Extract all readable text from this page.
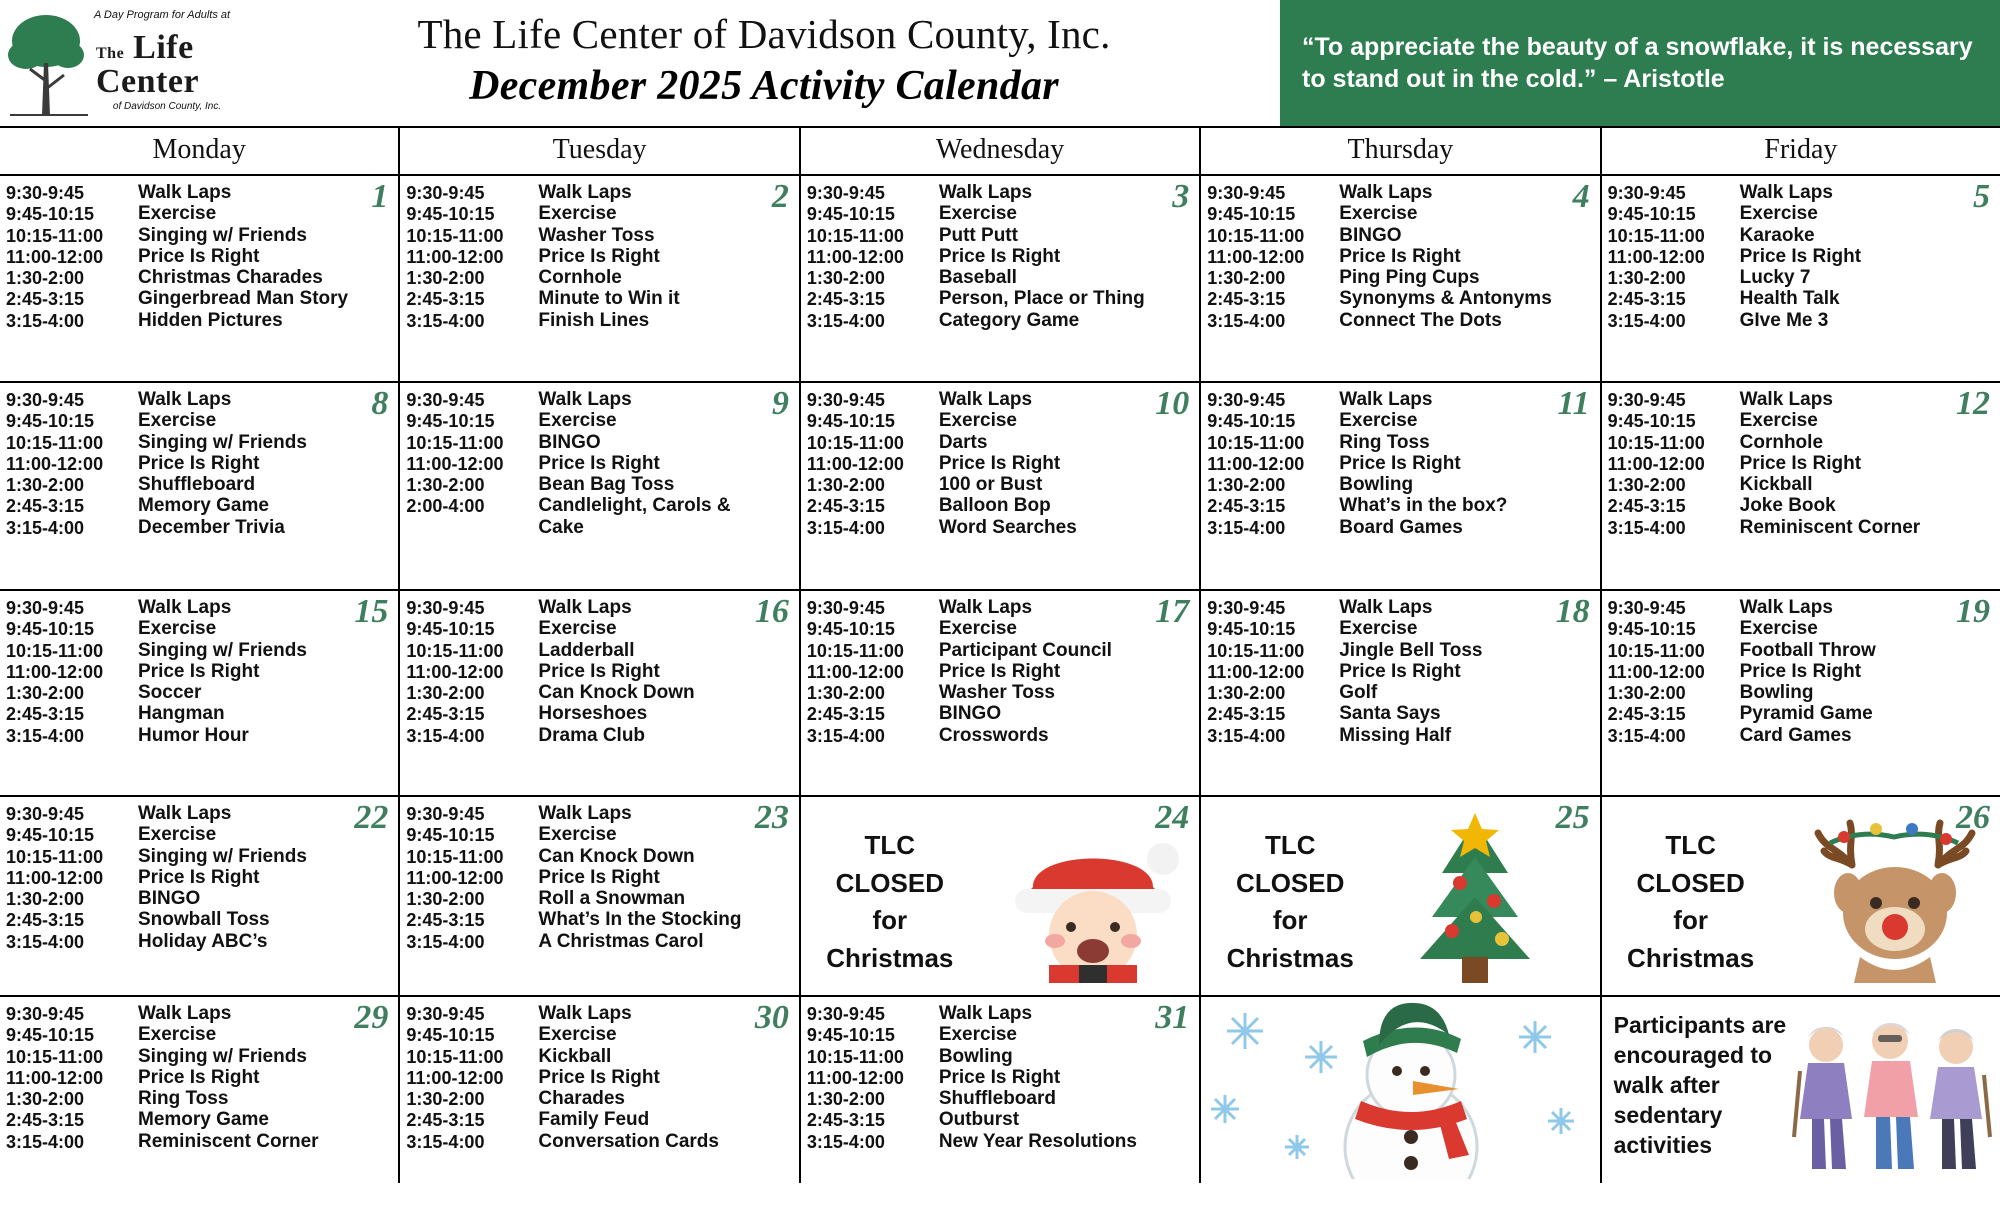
A Day Program for Adults at
The Life
Center
of Davidson County, Inc.
The Life Center of Davidson County, Inc.
December 2025 Activity Calendar
“To appreciate the beauty of a snowflake, it is necessary to stand out in the cold.” – Aristotle
Monday	Tuesday	Wednesday	Thursday	Friday
1
9:30-9:45	Walk Laps
9:45-10:15	Exercise
10:15-11:00	Singing w/ Friends
11:00-12:00	Price Is Right
1:30-2:00	Christmas Charades
2:45-3:15	Gingerbread Man Story
3:15-4:00	Hidden Pictures
2
9:30-9:45	Walk Laps
9:45-10:15	Exercise
10:15-11:00	Washer Toss
11:00-12:00	Price Is Right
1:30-2:00	Cornhole
2:45-3:15	Minute to Win it
3:15-4:00	Finish Lines
3
9:30-9:45	Walk Laps
9:45-10:15	Exercise
10:15-11:00	Putt Putt
11:00-12:00	Price Is Right
1:30-2:00	Baseball
2:45-3:15	Person, Place or Thing
3:15-4:00	Category Game
4
9:30-9:45	Walk Laps
9:45-10:15	Exercise
10:15-11:00	BINGO
11:00-12:00	Price Is Right
1:30-2:00	Ping Ping Cups
2:45-3:15	Synonyms & Antonyms
3:15-4:00	Connect The Dots
5
9:30-9:45	Walk Laps
9:45-10:15	Exercise
10:15-11:00	Karaoke
11:00-12:00	Price Is Right
1:30-2:00	Lucky 7
2:45-3:15	Health Talk
3:15-4:00	GIve Me 3
8
9:30-9:45	Walk Laps
9:45-10:15	Exercise
10:15-11:00	Singing w/ Friends
11:00-12:00	Price Is Right
1:30-2:00	Shuffleboard
2:45-3:15	Memory Game
3:15-4:00	December Trivia
9
9:30-9:45	Walk Laps
9:45-10:15	Exercise
10:15-11:00	BINGO
11:00-12:00	Price Is Right
1:30-2:00	Bean Bag Toss
2:00-4:00	Candlelight, Carols & Cake
10
9:30-9:45	Walk Laps
9:45-10:15	Exercise
10:15-11:00	Darts
11:00-12:00	Price Is Right
1:30-2:00	100 or Bust
2:45-3:15	Balloon Bop
3:15-4:00	Word Searches
11
9:30-9:45	Walk Laps
9:45-10:15	Exercise
10:15-11:00	Ring Toss
11:00-12:00	Price Is Right
1:30-2:00	Bowling
2:45-3:15	What’s in the box?
3:15-4:00	Board Games
12
9:30-9:45	Walk Laps
9:45-10:15	Exercise
10:15-11:00	Cornhole
11:00-12:00	Price Is Right
1:30-2:00	Kickball
2:45-3:15	Joke Book
3:15-4:00	Reminiscent Corner
15
9:30-9:45	Walk Laps
9:45-10:15	Exercise
10:15-11:00	Singing w/ Friends
11:00-12:00	Price Is Right
1:30-2:00	Soccer
2:45-3:15	Hangman
3:15-4:00	Humor Hour
16
9:30-9:45	Walk Laps
9:45-10:15	Exercise
10:15-11:00	Ladderball
11:00-12:00	Price Is Right
1:30-2:00	Can Knock Down
2:45-3:15	Horseshoes
3:15-4:00	Drama Club
17
9:30-9:45	Walk Laps
9:45-10:15	Exercise
10:15-11:00	Participant Council
11:00-12:00	Price Is Right
1:30-2:00	Washer Toss
2:45-3:15	BINGO
3:15-4:00	Crosswords
18
9:30-9:45	Walk Laps
9:45-10:15	Exercise
10:15-11:00	Jingle Bell Toss
11:00-12:00	Price Is Right
1:30-2:00	Golf
2:45-3:15	Santa Says
3:15-4:00	Missing Half
19
9:30-9:45	Walk Laps
9:45-10:15	Exercise
10:15-11:00	Football Throw
11:00-12:00	Price Is Right
1:30-2:00	Bowling
2:45-3:15	Pyramid Game
3:15-4:00	Card Games
22
9:30-9:45	Walk Laps
9:45-10:15	Exercise
10:15-11:00	Singing w/ Friends
11:00-12:00	Price Is Right
1:30-2:00	BINGO
2:45-3:15	Snowball Toss
3:15-4:00	Holiday ABC’s
23
9:30-9:45	Walk Laps
9:45-10:15	Exercise
10:15-11:00	Can Knock Down
11:00-12:00	Price Is Right
1:30-2:00	Roll a Snowman
2:45-3:15	What’s In the Stocking
3:15-4:00	A Christmas Carol
24
TLC
CLOSED
for
Christmas
25
TLC
CLOSED
for
Christmas
26
TLC
CLOSED
for
Christmas
29
9:30-9:45	Walk Laps
9:45-10:15	Exercise
10:15-11:00	Singing w/ Friends
11:00-12:00	Price Is Right
1:30-2:00	Ring Toss
2:45-3:15	Memory Game
3:15-4:00	Reminiscent Corner
30
9:30-9:45	Walk Laps
9:45-10:15	Exercise
10:15-11:00	Kickball
11:00-12:00	Price Is Right
1:30-2:00	Charades
2:45-3:15	Family Feud
3:15-4:00	Conversation Cards
31
9:30-9:45	Walk Laps
9:45-10:15	Exercise
10:15-11:00	Bowling
11:00-12:00	Price Is Right
1:30-2:00	Shuffleboard
2:45-3:15	Outburst
3:15-4:00	New Year Resolutions
Participants are encouraged to walk after sedentary activities
